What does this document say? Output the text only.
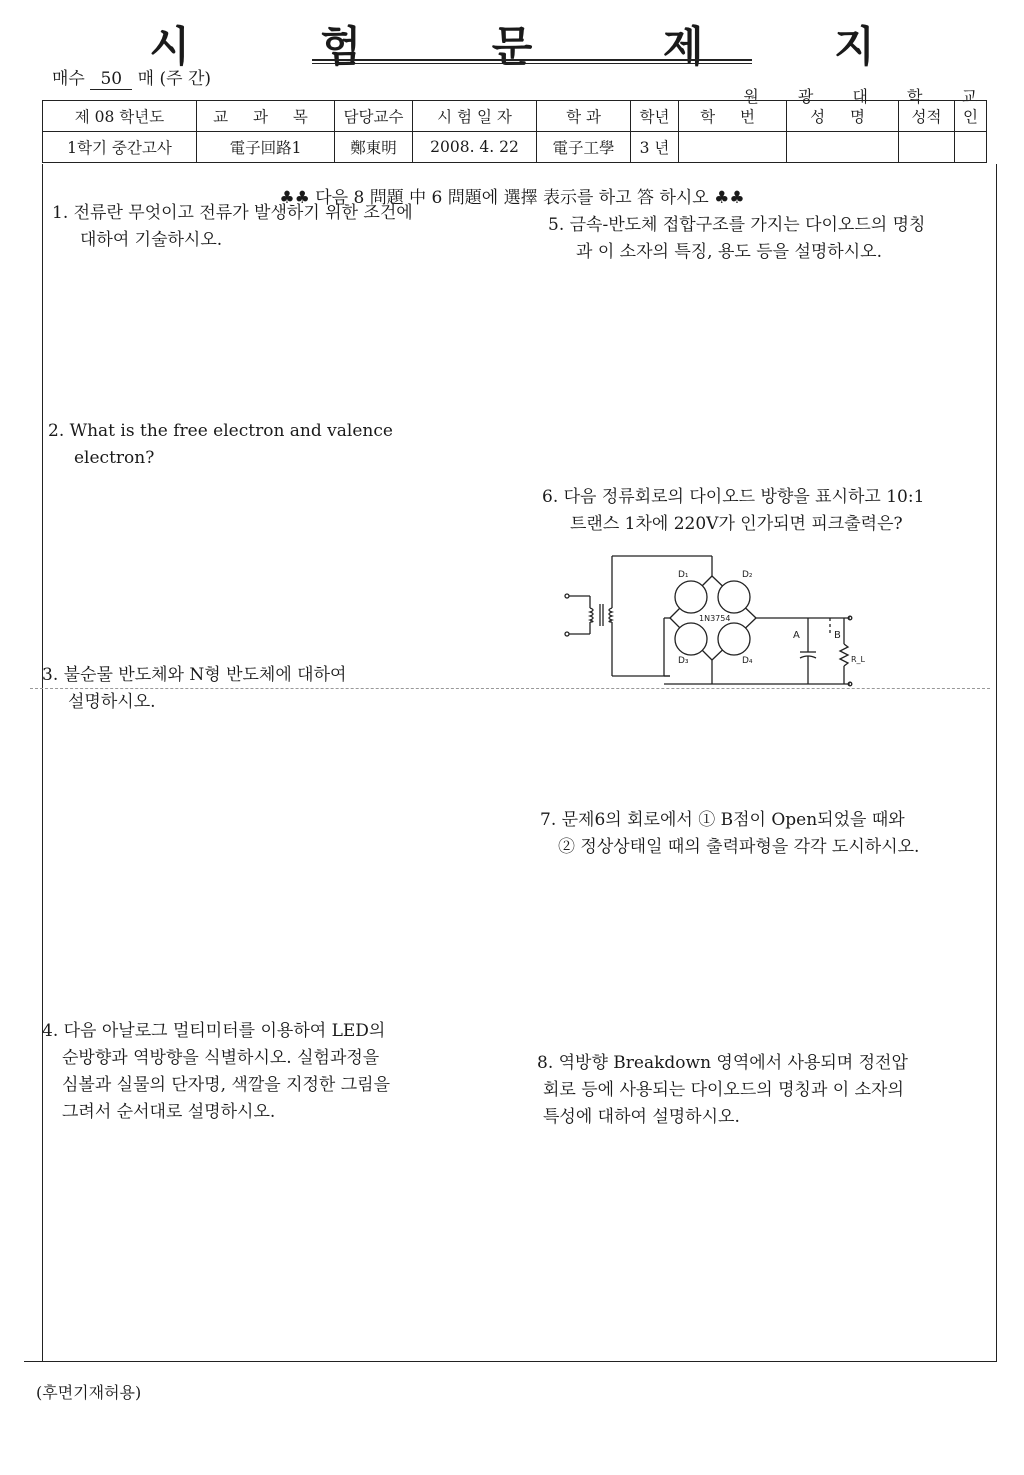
시 험 문 제 지
매수 50 매 (주 간)
원 광 대 학 교
제 08 학년도	교 과 목	담당교수	시 험 일 자	학 과	학년	학 번	성 명	성적	인
1학기 중간고사	電子回路1	鄭東明	2008. 4. 22	電子工學	3 년				
♣♣ 다음 8 問題 中 6 問題에 選擇 表示를 하고 答 하시오 ♣♣
1. 전류란 무엇이고 전류가 발생하기 위한 조건에
대하여 기술하시오.
2. What is the free electron and valence
electron?
3. 불순물 반도체와 N형 반도체에 대하여
설명하시오.
4. 다음 아날로그 멀티미터를 이용하여 LED의
순방향과 역방향을 식별하시오. 실험과정을
심볼과 실물의 단자명, 색깔을 지정한 그림을
그려서 순서대로 설명하시오.
5. 금속-반도체 접합구조를 가지는 다이오드의 명칭
과 이 소자의 특징, 용도 등을 설명하시오.
6. 다음 정류회로의 다이오드 방향을 표시하고 10:1
트랜스 1차에 220V가 인가되면 피크출력은?
7. 문제6의 회로에서 ① B점이 Open되었을 때와
② 정상상태일 때의 출력파형을 각각 도시하시오.
8. 역방향 Breakdown 영역에서 사용되며 정전압
회로 등에 사용되는 다이오드의 명칭과 이 소자의
특성에 대하여 설명하시오.
D₁	D₂
D₃	D₄
1N3754
A	B
R_L
(후면기재허용)
